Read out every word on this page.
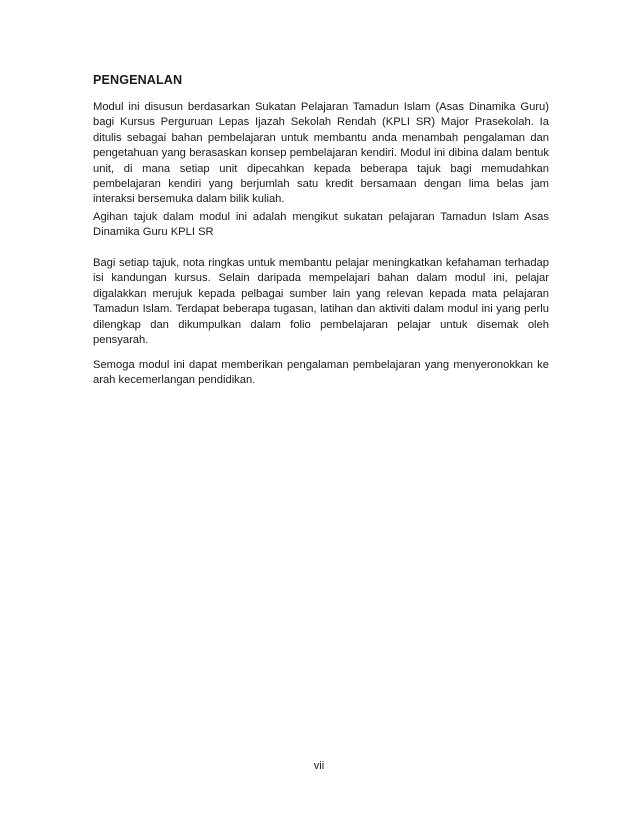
PENGENALAN

Modul ini disusun berdasarkan Sukatan Pelajaran Tamadun Islam (Asas Dinamika Guru) bagi Kursus Perguruan Lepas Ijazah Sekolah Rendah (KPLI SR) Major Prasekolah. Ia ditulis sebagai bahan pembelajaran untuk membantu anda menambah pengalaman dan pengetahuan yang berasaskan konsep pembelajaran kendiri. Modul ini dibina dalam bentuk unit, di mana setiap unit dipecahkan kepada beberapa tajuk bagi memudahkan pembelajaran kendiri yang berjumlah satu kredit bersamaan dengan lima belas jam interaksi bersemuka dalam bilik kuliah.

Agihan tajuk dalam modul ini adalah mengikut sukatan pelajaran Tamadun Islam Asas Dinamika Guru KPLI SR

Bagi setiap tajuk, nota ringkas untuk membantu pelajar meningkatkan kefahaman terhadap isi kandungan kursus. Selain daripada mempelajari bahan dalam modul ini, pelajar digalakkan merujuk kepada pelbagai sumber lain yang relevan kepada mata pelajaran Tamadun Islam. Terdapat beberapa tugasan, latihan dan aktiviti dalam modul ini yang perlu dilengkap dan dikumpulkan dalam folio pembelajaran pelajar untuk disemak oleh pensyarah.

Semoga modul ini dapat memberikan pengalaman pembelajaran yang menyeronokkan ke arah kecemerlangan pendidikan.

vii
